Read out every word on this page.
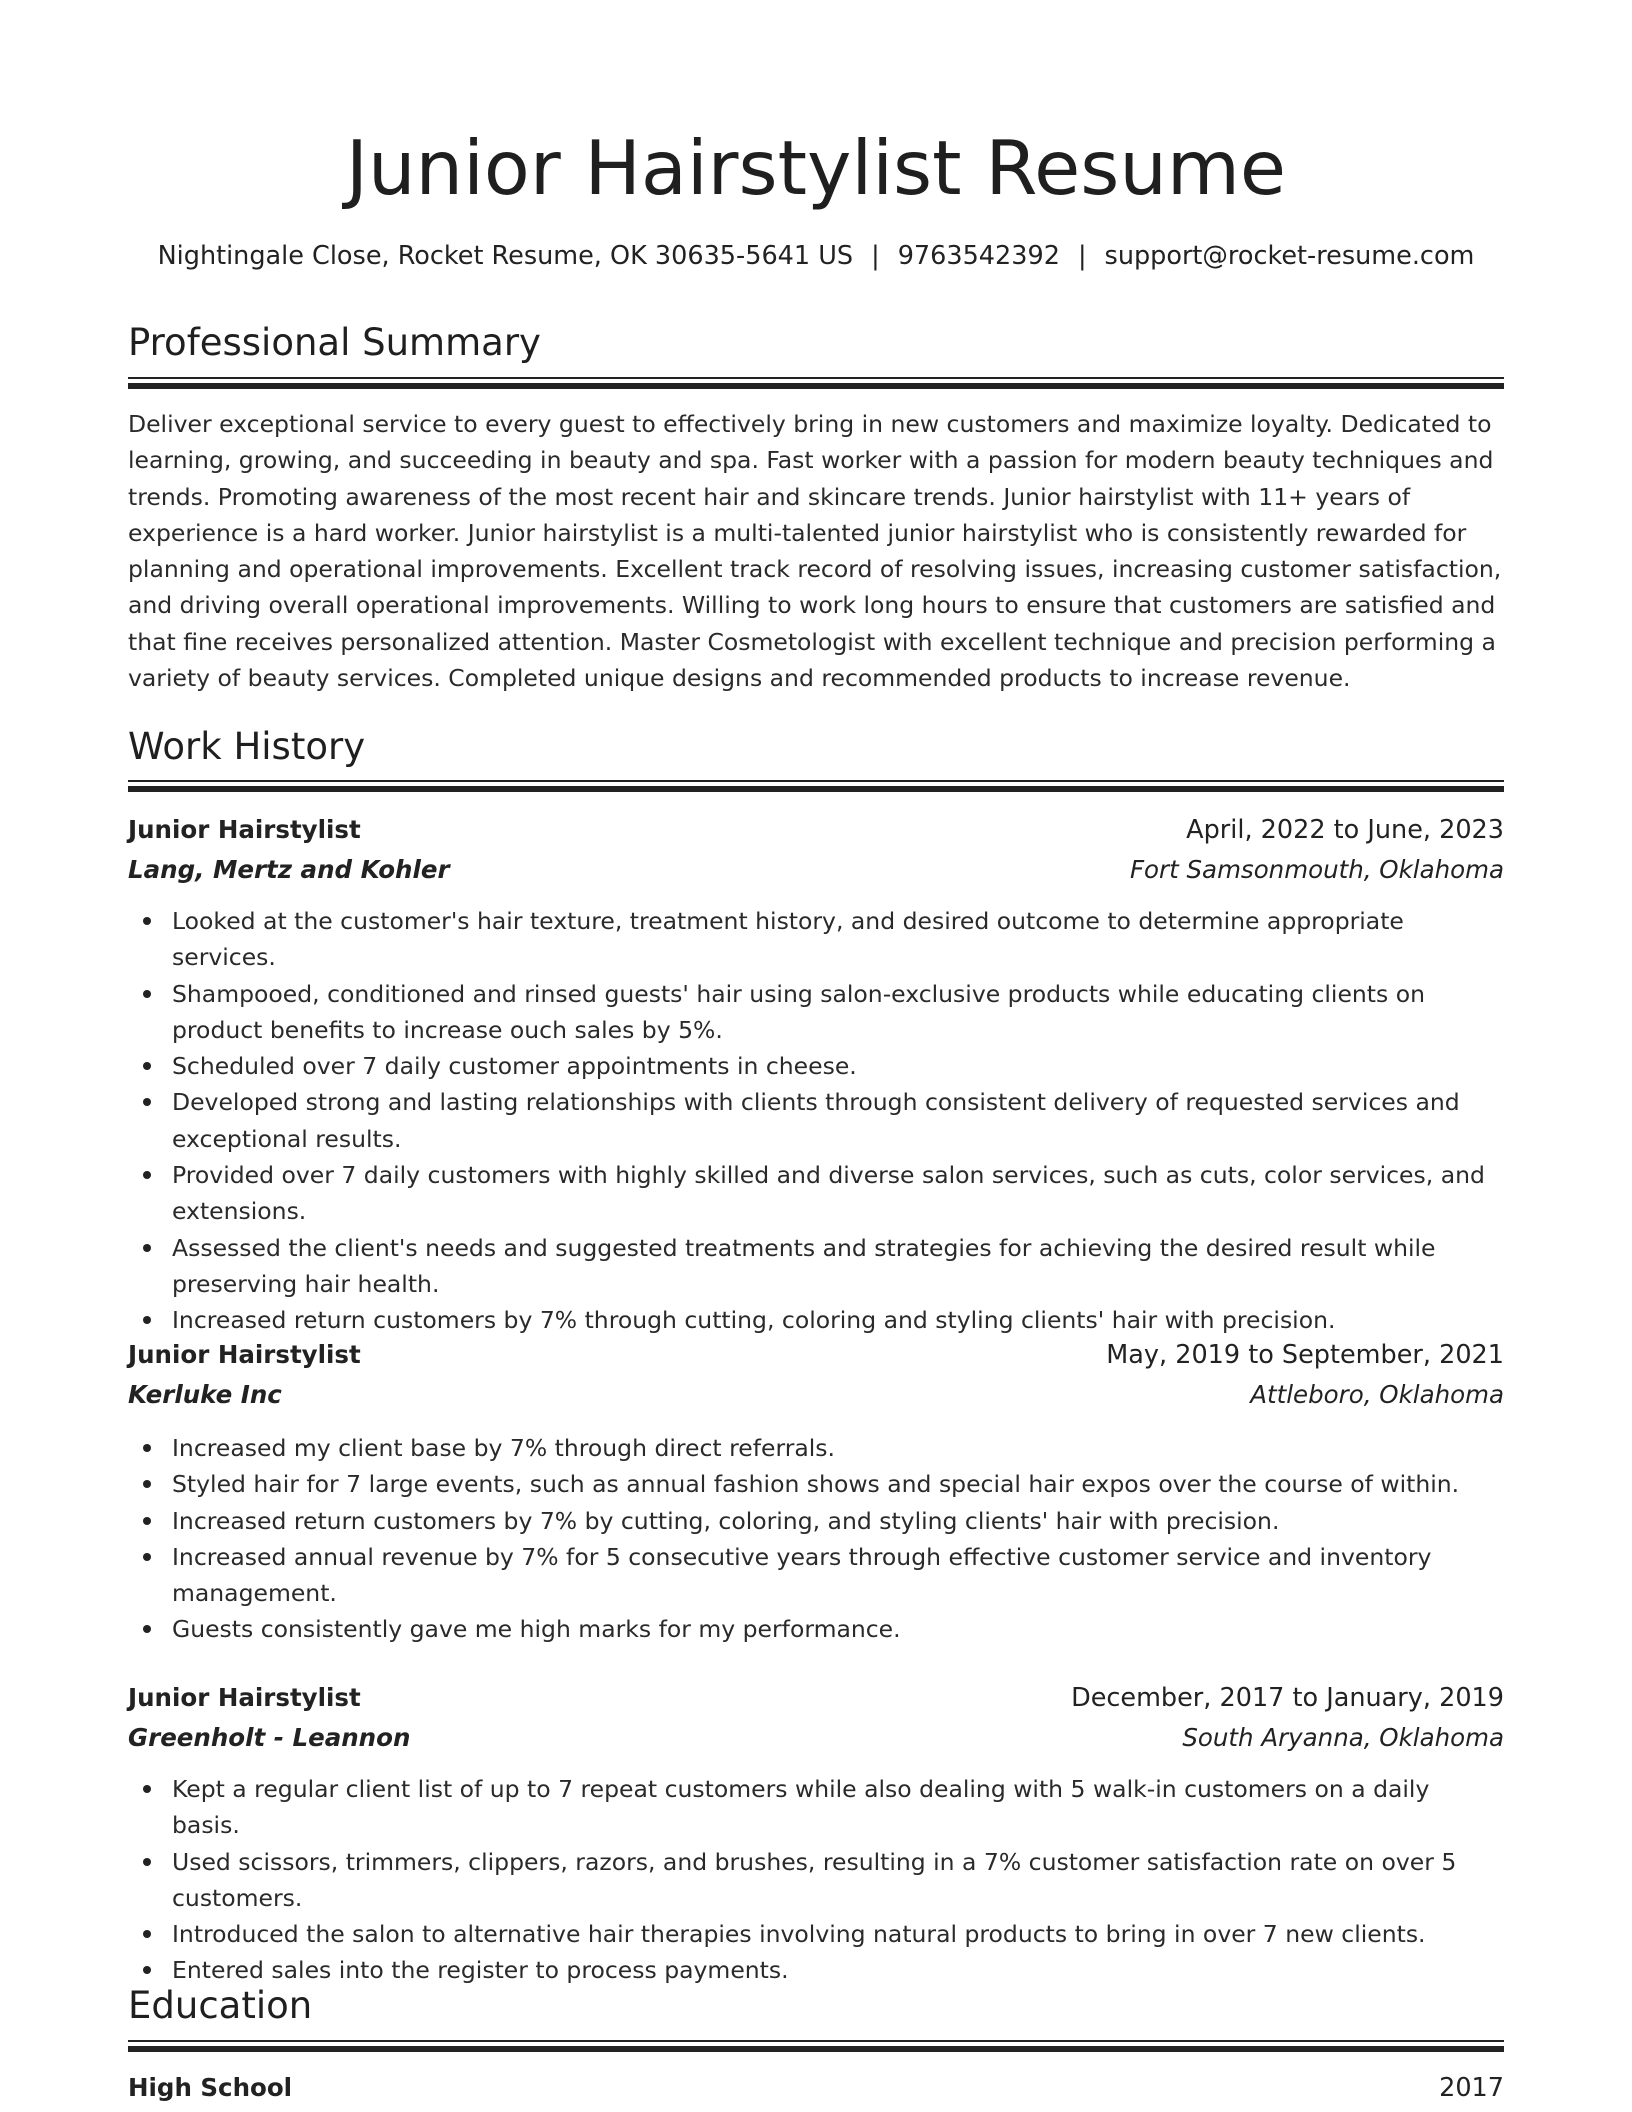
Junior Hairstylist Resume
Nightingale Close, Rocket Resume, OK 30635-5641 US | 9763542392 | support@rocket-resume.com
Professional Summary

Deliver exceptional service to every guest to effectively bring in new customers and maximize loyalty. Dedicated to learning, growing, and succeeding in beauty and spa. Fast worker with a passion for modern beauty techniques and trends. Promoting awareness of the most recent hair and skincare trends. Junior hairstylist with 11+ years of experience is a hard worker. Junior hairstylist is a multi-talented junior hairstylist who is consistently rewarded for planning and operational improvements. Excellent track record of resolving issues, increasing customer satisfaction, and driving overall operational improvements. Willing to work long hours to ensure that customers are satisfied and that fine receives personalized attention. Master Cosmetologist with excellent technique and precision performing a variety of beauty services. Completed unique designs and recommended products to increase revenue.

Work History
Junior Hairstylist	April, 2022 to June, 2023
Lang, Mertz and Kohler	Fort Samsonmouth, Oklahoma
Looked at the customer's hair texture, treatment history, and desired outcome to determine appropriate services.
Shampooed, conditioned and rinsed guests' hair using salon-exclusive products while educating clients on product benefits to increase ouch sales by 5%.
Scheduled over 7 daily customer appointments in cheese.
Developed strong and lasting relationships with clients through consistent delivery of requested services and exceptional results.
Provided over 7 daily customers with highly skilled and diverse salon services, such as cuts, color services, and extensions.
Assessed the client's needs and suggested treatments and strategies for achieving the desired result while preserving hair health.
Increased return customers by 7% through cutting, coloring and styling clients' hair with precision.
Junior Hairstylist	May, 2019 to September, 2021
Kerluke Inc	Attleboro, Oklahoma
Increased my client base by 7% through direct referrals.
Styled hair for 7 large events, such as annual fashion shows and special hair expos over the course of within.
Increased return customers by 7% by cutting, coloring, and styling clients' hair with precision.
Increased annual revenue by 7% for 5 consecutive years through effective customer service and inventory management.
Guests consistently gave me high marks for my performance.
Junior Hairstylist	December, 2017 to January, 2019
Greenholt - Leannon	South Aryanna, Oklahoma
Kept a regular client list of up to 7 repeat customers while also dealing with 5 walk-in customers on a daily basis.
Used scissors, trimmers, clippers, razors, and brushes, resulting in a 7% customer satisfaction rate on over 5 customers.
Introduced the salon to alternative hair therapies involving natural products to bring in over 7 new clients.
Entered sales into the register to process payments.
Education
High School	2017
